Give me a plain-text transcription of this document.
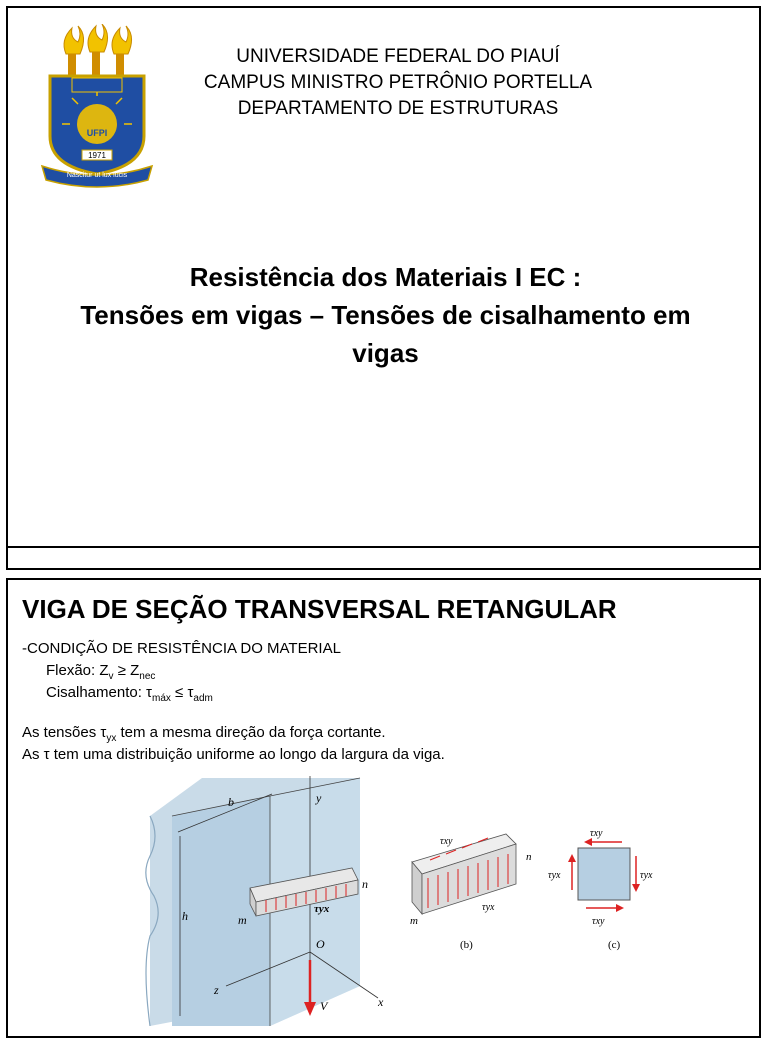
UFPI
1971
Nascitur ut lux lucis
UNIVERSIDADE FEDERAL DO PIAUÍ
CAMPUS MINISTRO PETRÔNIO PORTELLA
DEPARTAMENTO DE ESTRUTURAS
Resistência dos Materiais I EC :
Tensões em vigas – Tensões de cisalhamento em
vigas
VIGA DE SEÇÃO TRANSVERSAL RETANGULAR
-CONDIÇÃO DE RESISTÊNCIA DO MATERIAL
Flexão: $Z_v \ge Z_{nec}$
Cisalhamento: $\tau_{máx} \le \tau_{adm}$
As tensões $\tau_{yx}$ tem a mesma direção da força cortante.
As τ tem uma distribuição uniforme ao longo da largura da viga.
b
h
y
n
m
τyx
O
x
z
V
τxy
τyx
n
m
(b)
τxy
τxy
τyx	τyx
(c)
